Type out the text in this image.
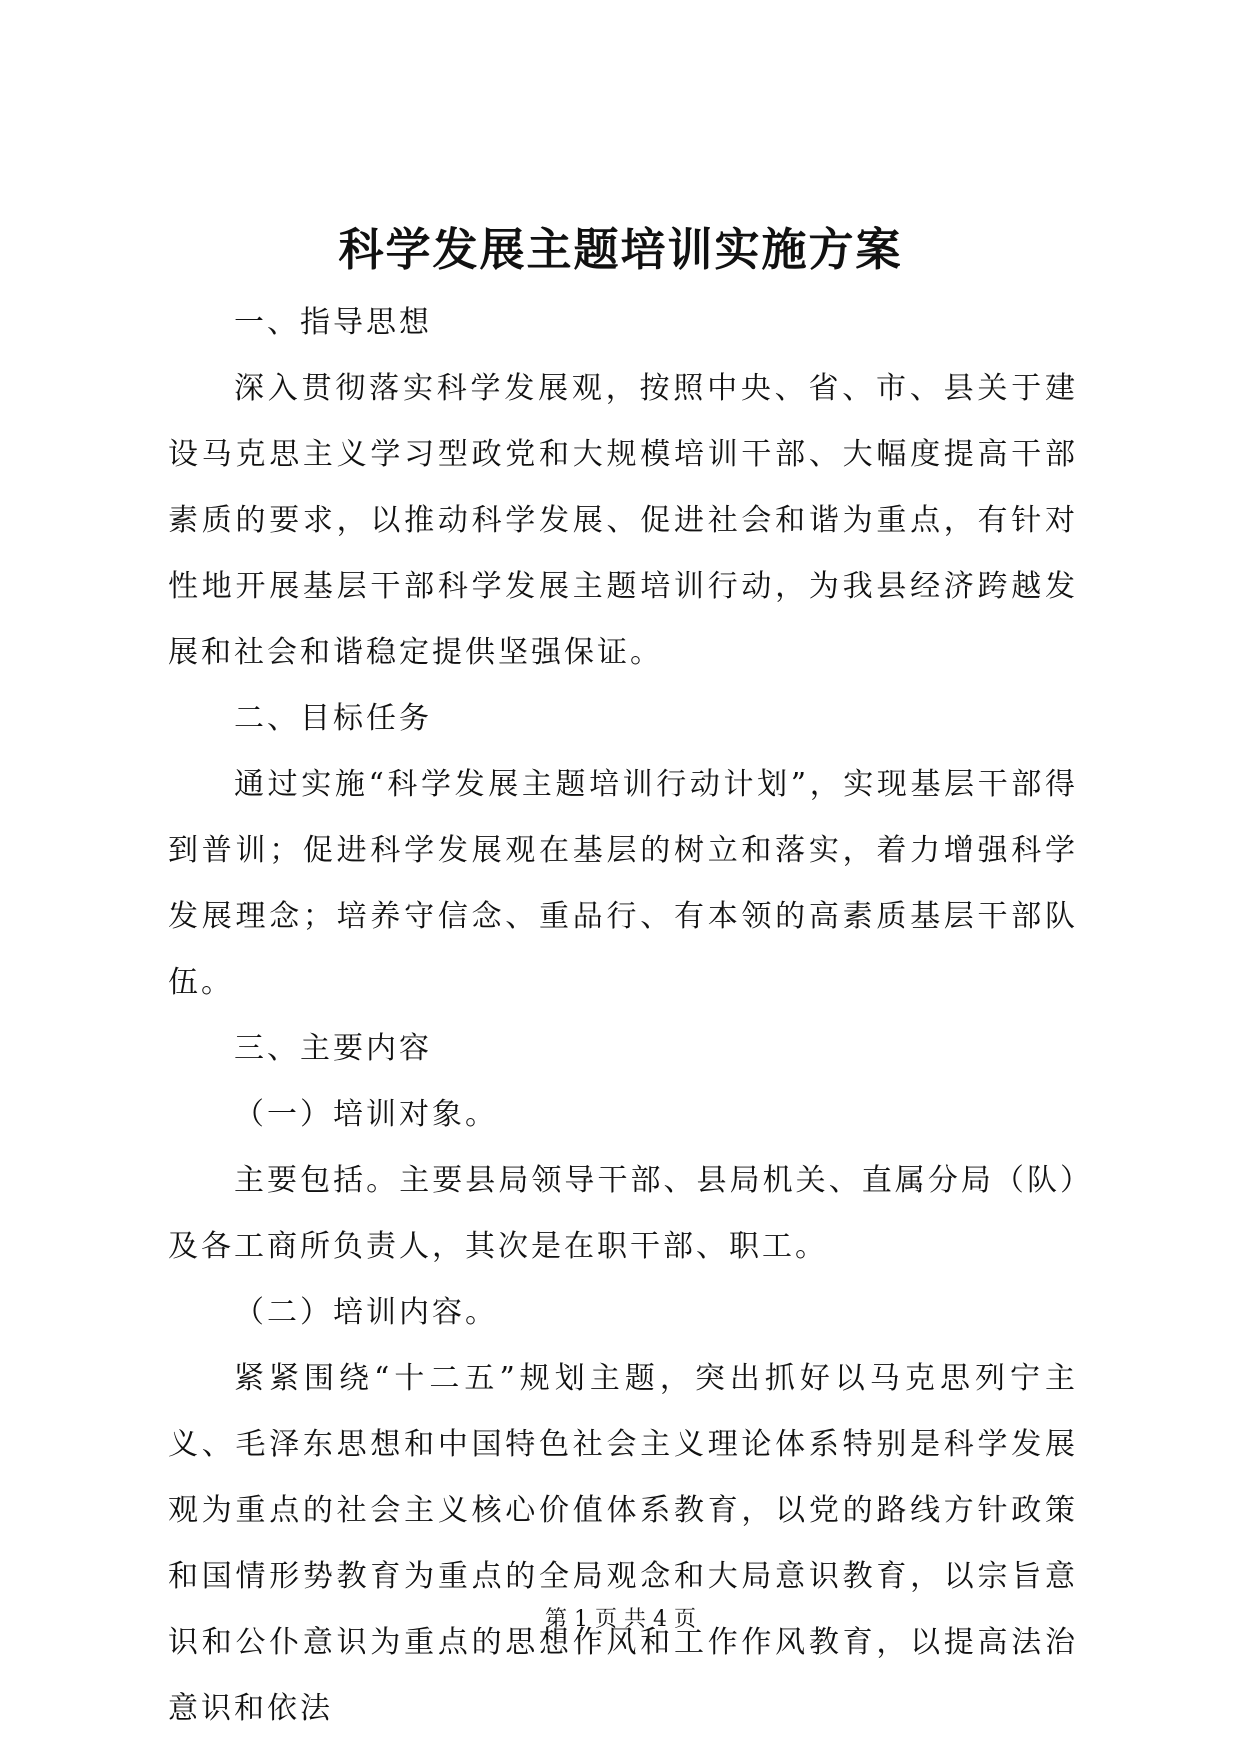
科学发展主题培训实施方案

一、指导思想

深入贯彻落实科学发展观，按照中央、省、市、县关于建设马克思主义学习型政党和大规模培训干部、大幅度提高干部素质的要求，以推动科学发展、促进社会和谐为重点，有针对性地开展基层干部科学发展主题培训行动，为我县经济跨越发展和社会和谐稳定提供坚强保证。

二、目标任务

通过实施“科学发展主题培训行动计划”，实现基层干部得到普训；促进科学发展观在基层的树立和落实，着力增强科学发展理念；培养守信念、重品行、有本领的高素质基层干部队伍。

三、主要内容

（一）培训对象。

主要包括。主要县局领导干部、县局机关、直属分局（队）及各工商所负责人，其次是在职干部、职工。

（二）培训内容。

紧紧围绕“十二五”规划主题，突出抓好以马克思列宁主义、毛泽东思想和中国特色社会主义理论体系特别是科学发展观为重点的社会主义核心价值体系教育，以党的路线方针政策和国情形势教育为重点的全局观念和大局意识教育，以宗旨意识和公仆意识为重点的思想作风和工作作风教育，以提高法治意识和依法

第 1 页 共 4 页
